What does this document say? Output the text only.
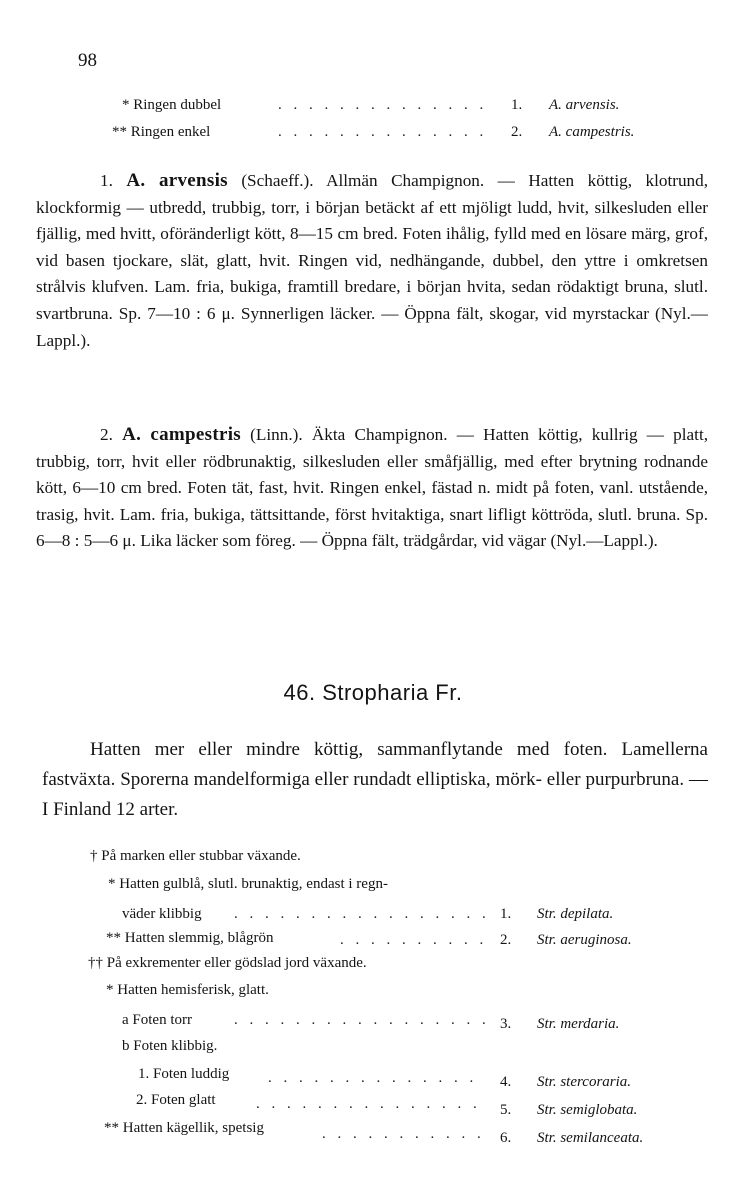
98
* Ringen dubbel	. . . . . . . . . . . . . . 1. A. arvensis.
** Ringen enkel	. . . . . . . . . . . . . . 2. A. campestris.
1. A. arvensis (Schaeff.). Allmän Champignon. — Hatten köttig, klotrund, klockformig — utbredd, trubbig, torr, i början betäckt af ett mjöligt ludd, hvit, silkesluden eller fjällig, med hvitt, oföränderligt kött, 8—15 cm bred. Foten ihålig, fylld med en lösare märg, grof, vid basen tjockare, slät, glatt, hvit. Ringen vid, nedhängande, dubbel, den yttre i omkretsen strålvis klufven. Lam. fria, bukiga, framtill bredare, i början hvita, sedan rödaktigt bruna, slutl. svartbruna. Sp. 7—10 : 6 μ. Synnerligen läcker. — Öppna fält, skogar, vid myrstackar (Nyl.—Lappl.).
2. A. campestris (Linn.). Äkta Champignon. — Hatten köttig, kullrig — platt, trubbig, torr, hvit eller rödbrunaktig, silkesluden eller småfjällig, med efter brytning rodnande kött, 6—10 cm bred. Foten tät, fast, hvit. Ringen enkel, fästad n. midt på foten, vanl. utstående, trasig, hvit. Lam. fria, bukiga, tättsittande, först hvitaktiga, snart lifligt köttröda, slutl. bruna. Sp. 6—8 : 5—6 μ. Lika läcker som föreg. — Öppna fält, trädgårdar, vid vägar (Nyl.—Lappl.).
46. Stropharia Fr.
Hatten mer eller mindre köttig, sammanflytande med foten. Lamellerna fastväxta. Sporerna mandelformiga eller rundadt elliptiska, mörk- eller purpurbruna. — I Finland 12 arter.
† På marken eller stubbar växande.
* Hatten gulblå, slutl. brunaktig, endast i regn-
väder klibbig . . . . . . . . . . . . . . . . . 1. Str. depilata.
** Hatten slemmig, blågrön	. . . . . . . . . . 2. Str. aeruginosa.
†† På exkrementer eller gödslad jord växande.
* Hatten hemisferisk, glatt.
a Foten torr	. . . . . . . . . . . . . . . . . 3. Str. merdaria.
b Foten klibbig.
1. Foten luddig	. . . . . . . . . . . . . . 4. Str. stercoraria.
2. Foten glatt	. . . . . . . . . . . . . . . 5. Str. semiglobata.
** Hatten kägellik, spetsig	. . . . . . . . . . . 6. Str. semilanceata.
